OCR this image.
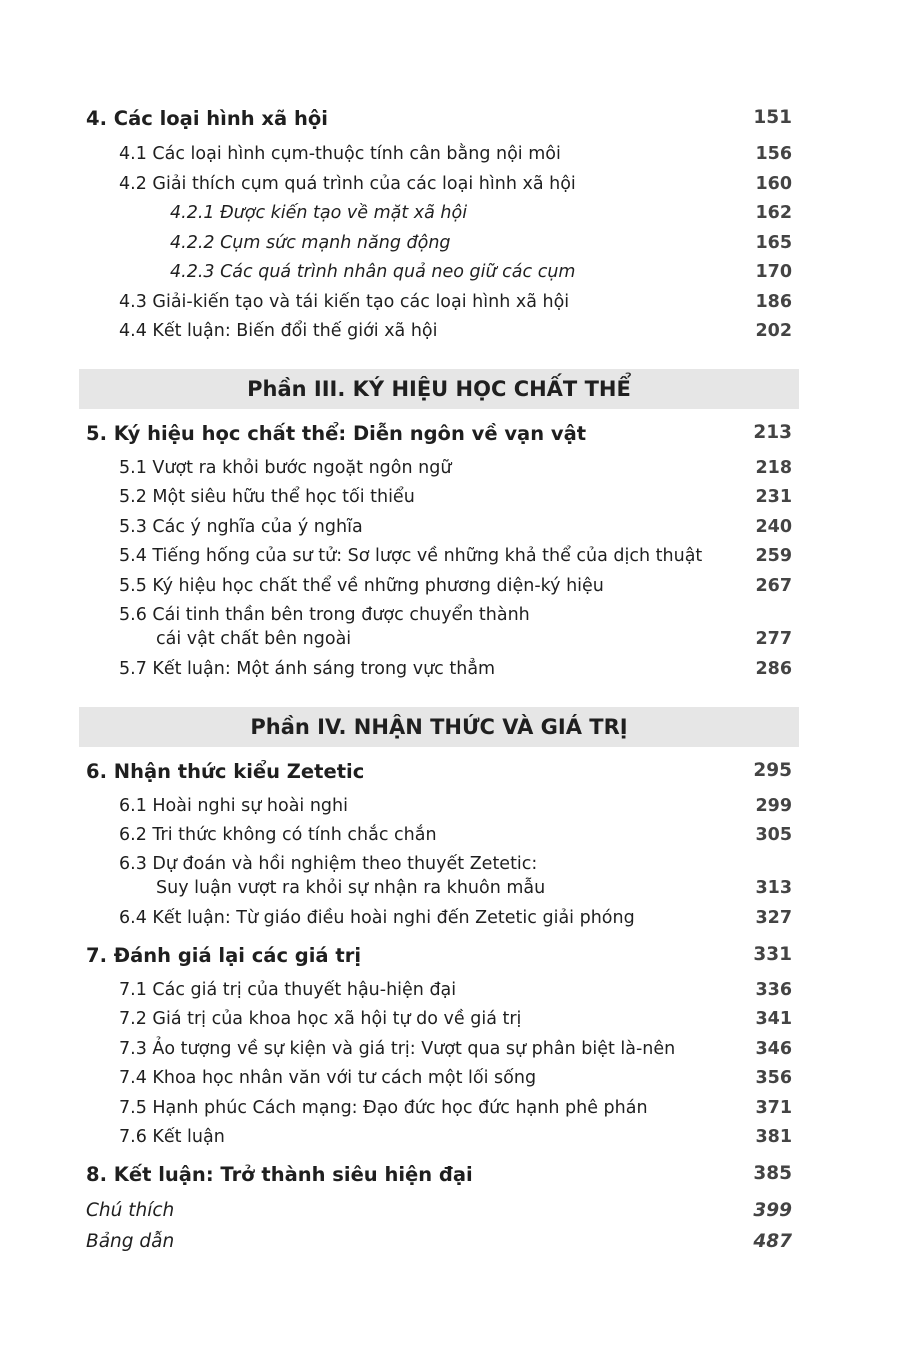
4. Các loại hình xã hội	151
4.1 Các loại hình cụm-thuộc tính cân bằng nội môi	156
4.2 Giải thích cụm quá trình của các loại hình xã hội	160
4.2.1 Được kiến tạo về mặt xã hội	162
4.2.2 Cụm sức mạnh năng động	165
4.2.3 Các quá trình nhân quả neo giữ các cụm	170
4.3 Giải-kiến tạo và tái kiến tạo các loại hình xã hội	186
4.4 Kết luận: Biến đổi thế giới xã hội	202
Phần III. KÝ HIỆU HỌC CHẤT THỂ
5. Ký hiệu học chất thể: Diễn ngôn về vạn vật	213
5.1 Vượt ra khỏi bước ngoặt ngôn ngữ	218
5.2 Một siêu hữu thể học tối thiểu	231
5.3 Các ý nghĩa của ý nghĩa	240
5.4 Tiếng hống của sư tử: Sơ lược về những khả thể của dịch thuật	259
5.5 Ký hiệu học chất thể về những phương diện-ký hiệu	267
5.6 Cái tinh thần bên trong được chuyển thành
cái vật chất bên ngoài	277
5.7 Kết luận: Một ánh sáng trong vực thẳm	286
Phần IV. NHẬN THỨC VÀ GIÁ TRỊ
6. Nhận thức kiểu Zetetic	295
6.1 Hoài nghi sự hoài nghi	299
6.2 Tri thức không có tính chắc chắn	305
6.3 Dự đoán và hồi nghiệm theo thuyết Zetetic:
Suy luận vượt ra khỏi sự nhận ra khuôn mẫu	313
6.4 Kết luận: Từ giáo điều hoài nghi đến Zetetic giải phóng	327
7. Đánh giá lại các giá trị	331
7.1 Các giá trị của thuyết hậu-hiện đại	336
7.2 Giá trị của khoa học xã hội tự do về giá trị	341
7.3 Ảo tượng về sự kiện và giá trị: Vượt qua sự phân biệt là-nên	346
7.4 Khoa học nhân văn với tư cách một lối sống	356
7.5 Hạnh phúc Cách mạng: Đạo đức học đức hạnh phê phán	371
7.6 Kết luận	381
8. Kết luận: Trở thành siêu hiện đại	385
Chú thích	399
Bảng dẫn	487
